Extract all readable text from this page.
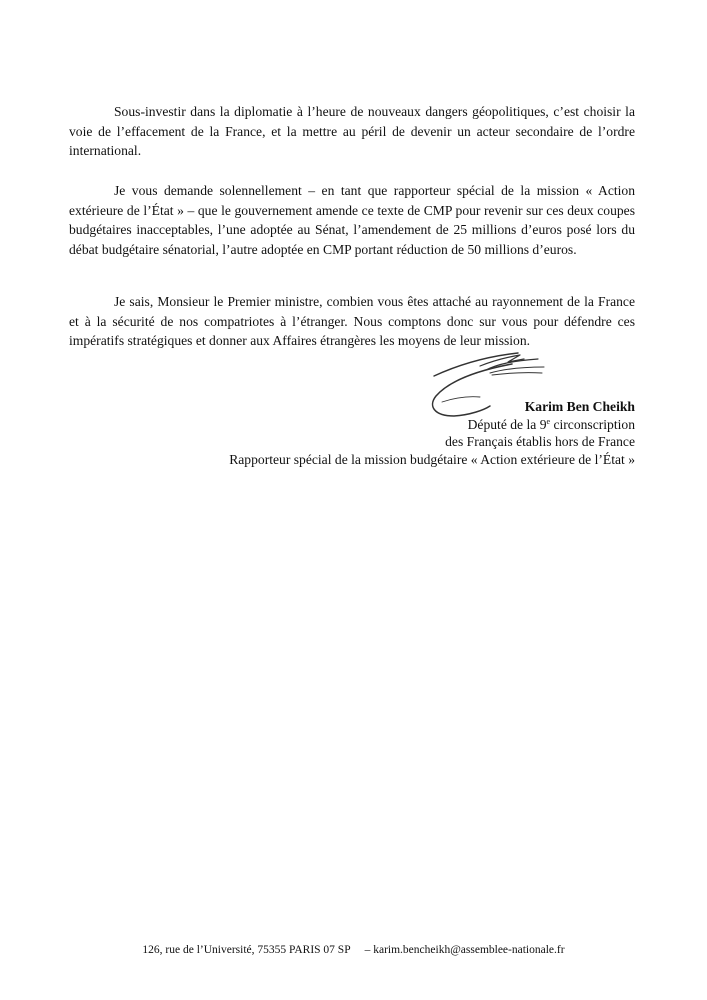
Sous-investir dans la diplomatie à l’heure de nouveaux dangers géopolitiques, c’est choisir la voie de l’effacement de la France, et la mettre au péril de devenir un acteur secondaire de l’ordre international.

Je vous demande solennellement – en tant que rapporteur spécial de la mission « Action extérieure de l’État » – que le gouvernement amende ce texte de CMP pour revenir sur ces deux coupes budgétaires inacceptables, l’une adoptée au Sénat, l’amendement de 25 millions d’euros posé lors du débat budgétaire sénatorial, l’autre adoptée en CMP portant réduction de 50 millions d’euros.

Je sais, Monsieur le Premier ministre, combien vous êtes attaché au rayonnement de la France et à la sécurité de nos compatriotes à l’étranger. Nous comptons donc sur vous pour défendre ces impératifs stratégiques et donner aux Affaires étrangères les moyens de leur mission.

Karim Ben Cheikh
Député de la 9e circonscription
des Français établis hors de France
Rapporteur spécial de la mission budgétaire « Action extérieure de l’État »
126, rue de l’Université, 75355 PARIS 07 SP – karim.bencheikh@assemblee-nationale.fr
